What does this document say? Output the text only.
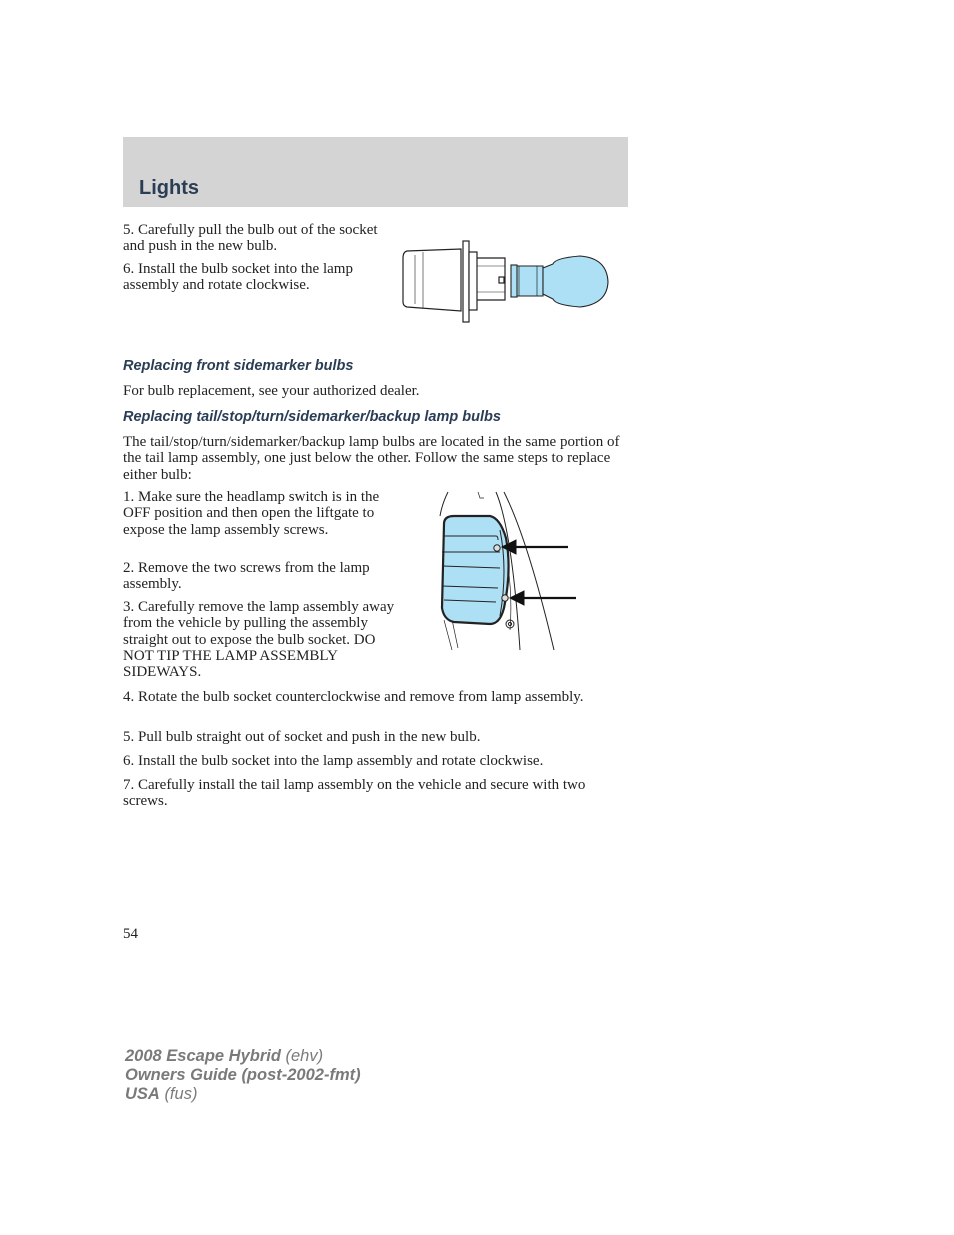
Lights

5. Carefully pull the bulb out of the socket and push in the new bulb.

6. Install the bulb socket into the lamp assembly and rotate clockwise.

Replacing front sidemarker bulbs

For bulb replacement, see your authorized dealer.

Replacing tail/stop/turn/sidemarker/backup lamp bulbs

The tail/stop/turn/sidemarker/backup lamp bulbs are located in the same portion of the tail lamp assembly, one just below the other. Follow the same steps to replace either bulb:

1. Make sure the headlamp switch is in the OFF position and then open the liftgate to expose the lamp assembly screws.

2. Remove the two screws from the lamp assembly.

3. Carefully remove the lamp assembly away from the vehicle by pulling the assembly straight out to expose the bulb socket. DO NOT TIP THE LAMP ASSEMBLY SIDEWAYS.

4. Rotate the bulb socket counterclockwise and remove from lamp assembly.

5. Pull bulb straight out of socket and push in the new bulb.

6. Install the bulb socket into the lamp assembly and rotate clockwise.

7. Carefully install the tail lamp assembly on the vehicle and secure with two screws.

54

2008 Escape Hybrid (ehv)
Owners Guide (post-2002-fmt)
USA (fus)
